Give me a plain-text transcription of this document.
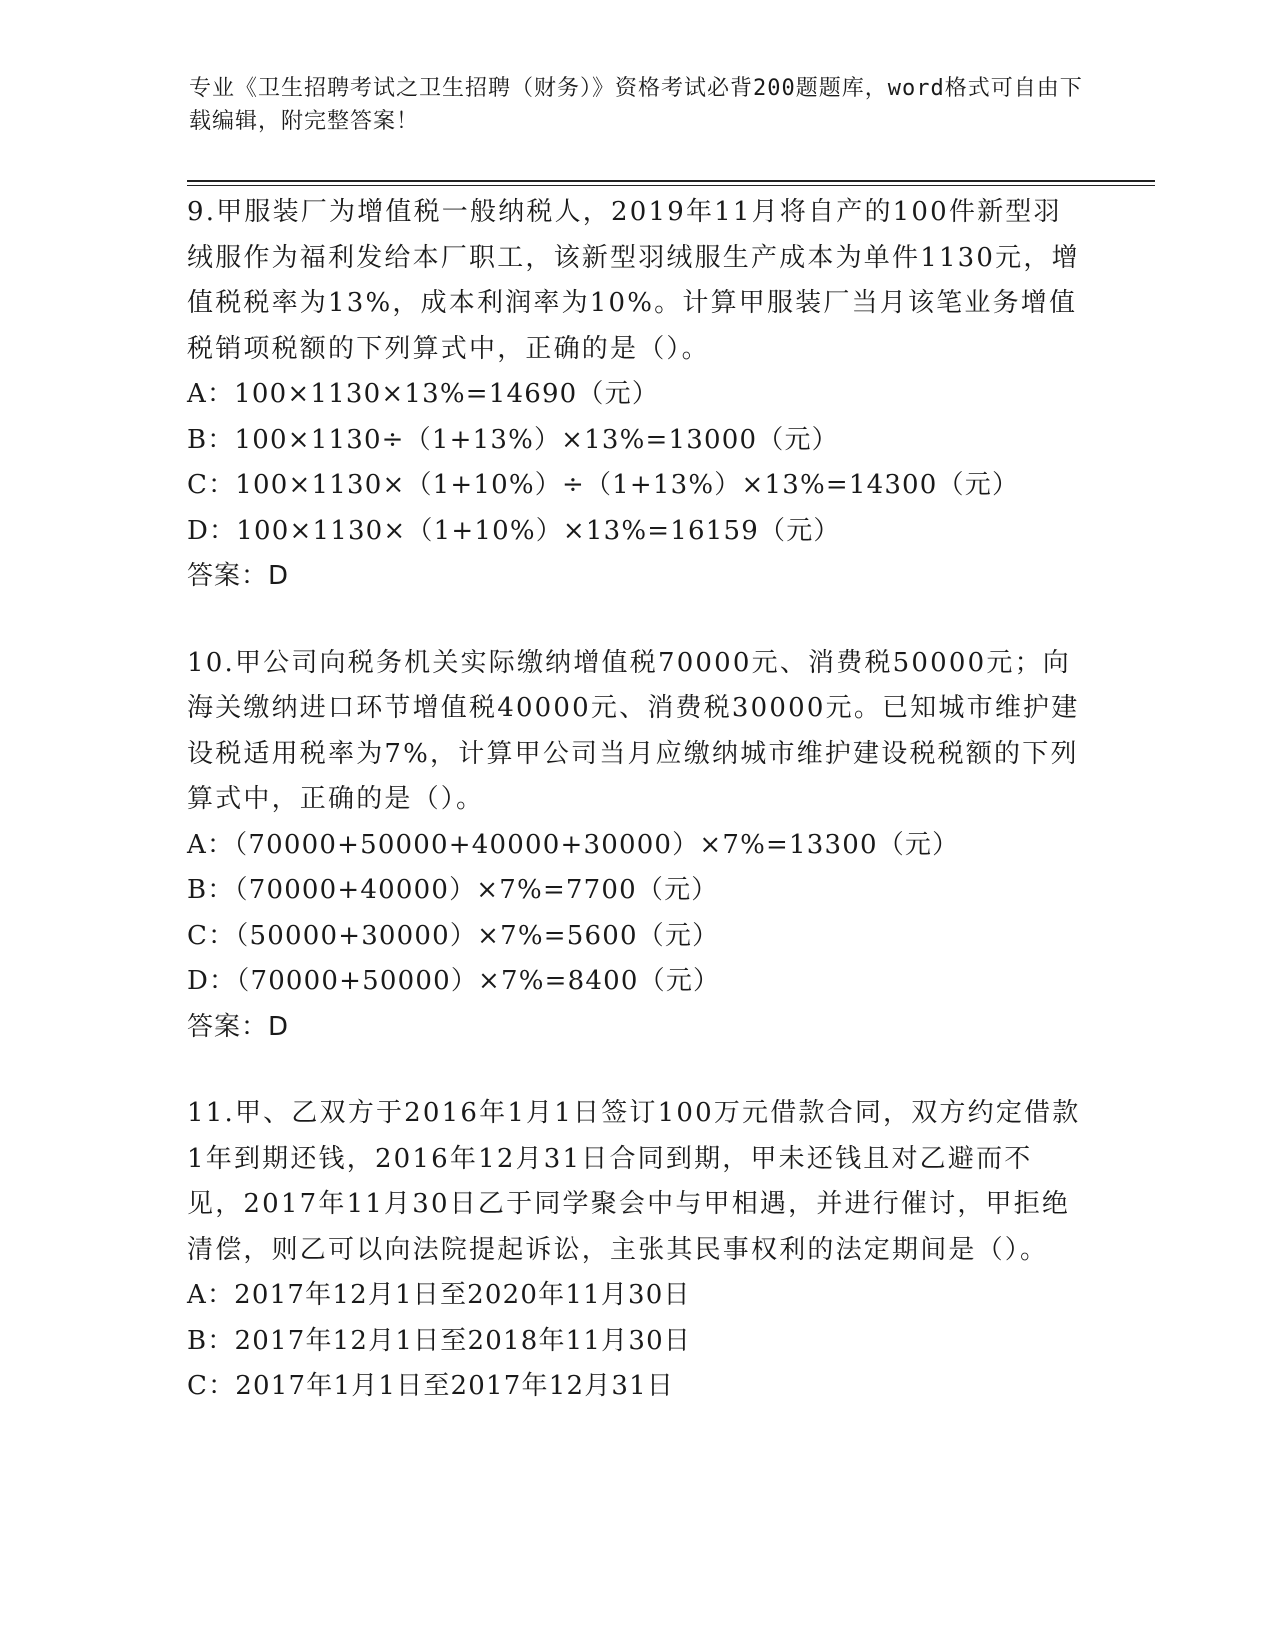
专业《卫生招聘考试之卫生招聘（财务）》资格考试必背200题题库，word格式可自由下载编辑，附完整答案！

9.甲服装厂为增值税一般纳税人，2019年11月将自产的100件新型羽绒服作为福利发给本厂职工，该新型羽绒服生产成本为单件1130元，增值税税率为13%，成本利润率为10%。计算甲服装厂当月该笔业务增值税销项税额的下列算式中，正确的是（）。

A：100×1130×13%=14690（元）

B：100×1130÷（1+13%）×13%=13000（元）

C：100×1130×（1+10%）÷（1+13%）×13%=14300（元）

D：100×1130×（1+10%）×13%=16159（元）

答案：D

10.甲公司向税务机关实际缴纳增值税70000元、消费税50000元；向海关缴纳进口环节增值税40000元、消费税30000元。已知城市维护建设税适用税率为7%，计算甲公司当月应缴纳城市维护建设税税额的下列算式中，正确的是（）。

A：（70000+50000+40000+30000）×7%=13300（元）

B：（70000+40000）×7%=7700（元）

C：（50000+30000）×7%=5600（元）

D：（70000+50000）×7%=8400（元）

答案：D

11.甲、乙双方于2016年1月1日签订100万元借款合同，双方约定借款1年到期还钱，2016年12月31日合同到期，甲未还钱且对乙避而不见，2017年11月30日乙于同学聚会中与甲相遇，并进行催讨，甲拒绝清偿，则乙可以向法院提起诉讼，主张其民事权利的法定期间是（）。

A：2017年12月1日至2020年11月30日

B：2017年12月1日至2018年11月30日

C：2017年1月1日至2017年12月31日
